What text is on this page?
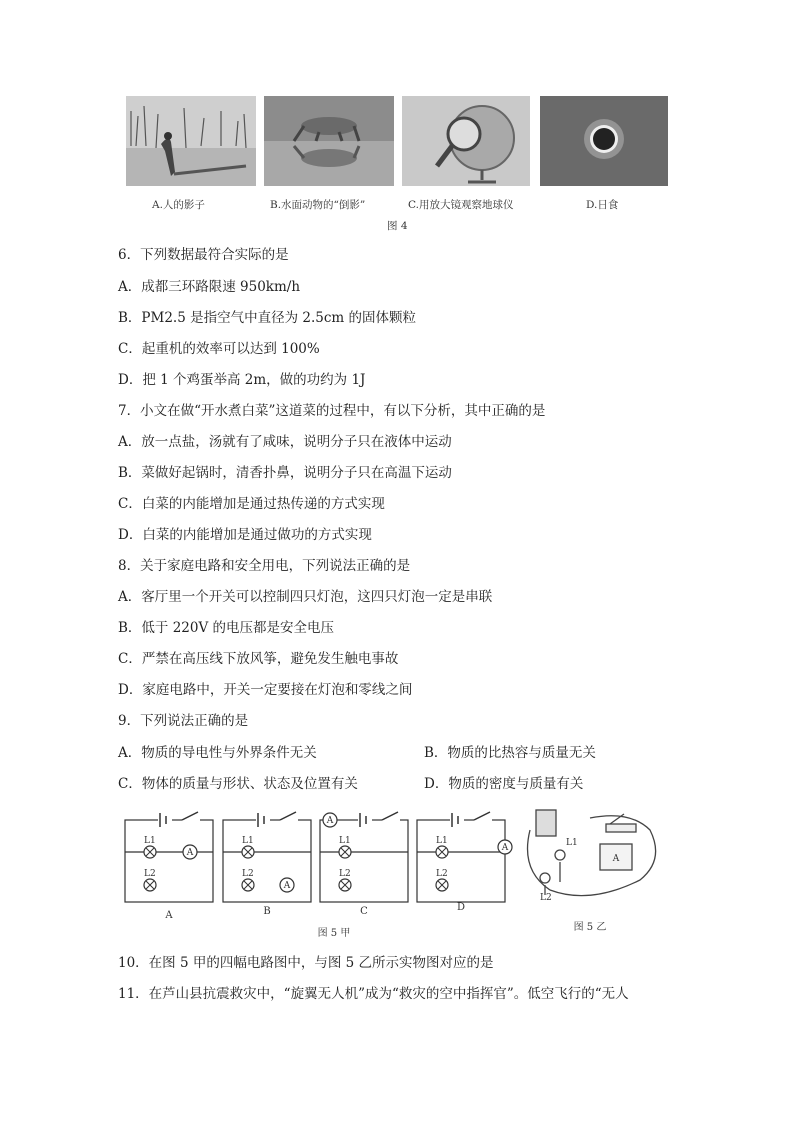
A.人的影子	B.水面动物的“倒影”	C.用放大镜观察地球仪	D.日食
图 4
6．下列数据最符合实际的是
A．成都三环路限速 950km/h
B．PM2.5 是指空气中直径为 2.5cm 的固体颗粒
C．起重机的效率可以达到 100%
D．把 1 个鸡蛋举高 2m，做的功约为 1J
7．小文在做“开水煮白菜”这道菜的过程中，有以下分析，其中正确的是
A．放一点盐，汤就有了咸味，说明分子只在液体中运动
B．菜做好起锅时，清香扑鼻，说明分子只在高温下运动
C．白菜的内能增加是通过热传递的方式实现
D．白菜的内能增加是通过做功的方式实现
8．关于家庭电路和安全用电，下列说法正确的是
A．客厅里一个开关可以控制四只灯泡，这四只灯泡一定是串联
B．低于 220V 的电压都是安全电压
C．严禁在高压线下放风筝，避免发生触电事故
D．家庭电路中，开关一定要接在灯泡和零线之间
9．下列说法正确的是
A．物质的导电性与外界条件无关	B．物质的比热容与质量无关
C．物体的质量与形状、状态及位置有关	D．物质的密度与质量有关
A
A
A
A
L1
L2
L1
L2
L1
L2
L1
L2
A	B	C	D
图 5 甲
图 5 乙
L1
L2
A
10．在图 5 甲的四幅电路图中，与图 5 乙所示实物图对应的是
11．在芦山县抗震救灾中，“旋翼无人机”成为“救灾的空中指挥官”。低空飞行的“无人
